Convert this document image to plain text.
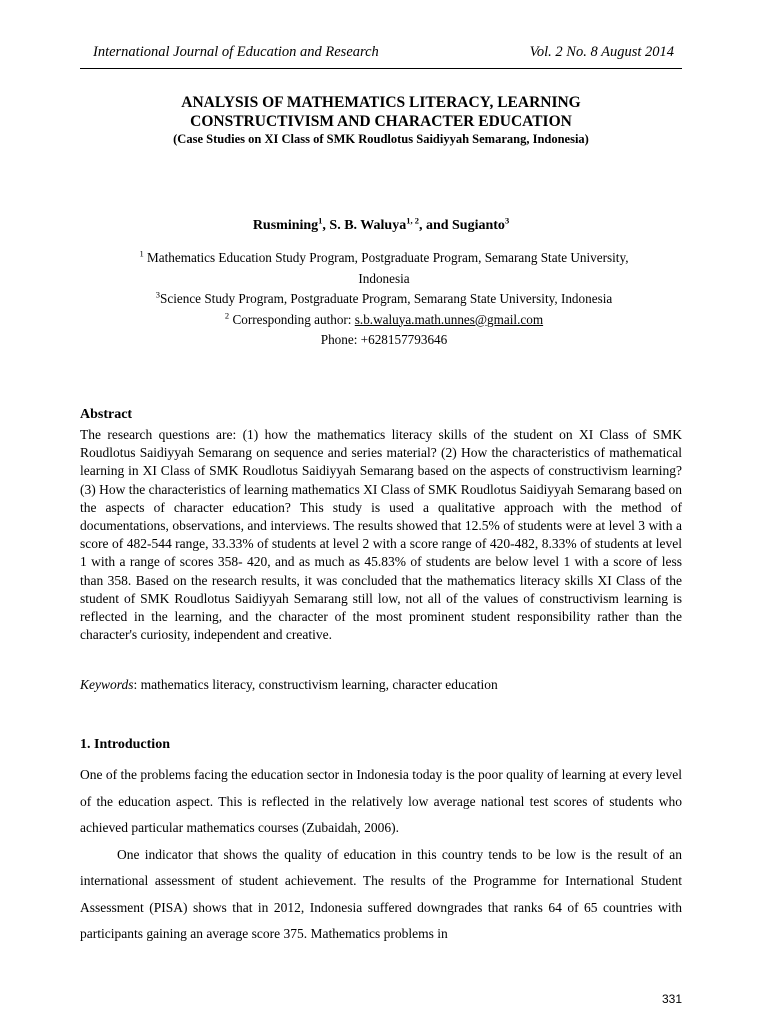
International Journal of Education and Research	Vol. 2 No. 8 August 2014
ANALYSIS OF MATHEMATICS LITERACY, LEARNING
CONSTRUCTIVISM AND CHARACTER EDUCATION
(Case Studies on XI Class of SMK Roudlotus Saidiyyah Semarang, Indonesia)
Rusmining$^1$, S. B. Waluya$^{1, 2}$, and Sugianto$^3$
$^1$ Mathematics Education Study Program, Postgraduate Program, Semarang State University,
Indonesia
$^3$Science Study Program, Postgraduate Program, Semarang State University, Indonesia
$^2$ Corresponding author: s.b.waluya.math.unnes@gmail.com
Phone: +628157793646
Abstract
The research questions are: (1) how the mathematics literacy skills of the student on XI Class of SMK Roudlotus Saidiyyah Semarang on sequence and series material? (2) How the characteristics of mathematical learning in XI Class of SMK Roudlotus Saidiyyah Semarang based on the aspects of constructivism learning? (3) How the characteristics of learning mathematics XI Class of SMK Roudlotus Saidiyyah Semarang based on the aspects of character education? This study is used a qualitative approach with the method of documentations, observations, and interviews. The results showed that 12.5% of students were at level 3 with a score of 482-544 range, 33.33% of students at level 2 with a score range of 420-482, 8.33% of students at level 1 with a range of scores 358- 420, and as much as 45.83% of students are below level 1 with a score of less than 358. Based on the research results, it was concluded that the mathematics literacy skills XI Class of the student of SMK Roudlotus Saidiyyah Semarang still low, not all of the values of constructivism learning is reflected in the learning, and the character of the most prominent student responsibility rather than the character's curiosity, independent and creative.
Keywords: mathematics literacy, constructivism learning, character education
1. Introduction

One of the problems facing the education sector in Indonesia today is the poor quality of learning at every level of the education aspect. This is reflected in the relatively low average national test scores of students who achieved particular mathematics courses (Zubaidah, 2006).

One indicator that shows the quality of education in this country tends to be low is the result of an international assessment of student achievement. The results of the Programme for International Student Assessment (PISA) shows that in 2012, Indonesia suffered downgrades that ranks 64 of 65 countries with participants gaining an average score 375. Mathematics problems in

331
